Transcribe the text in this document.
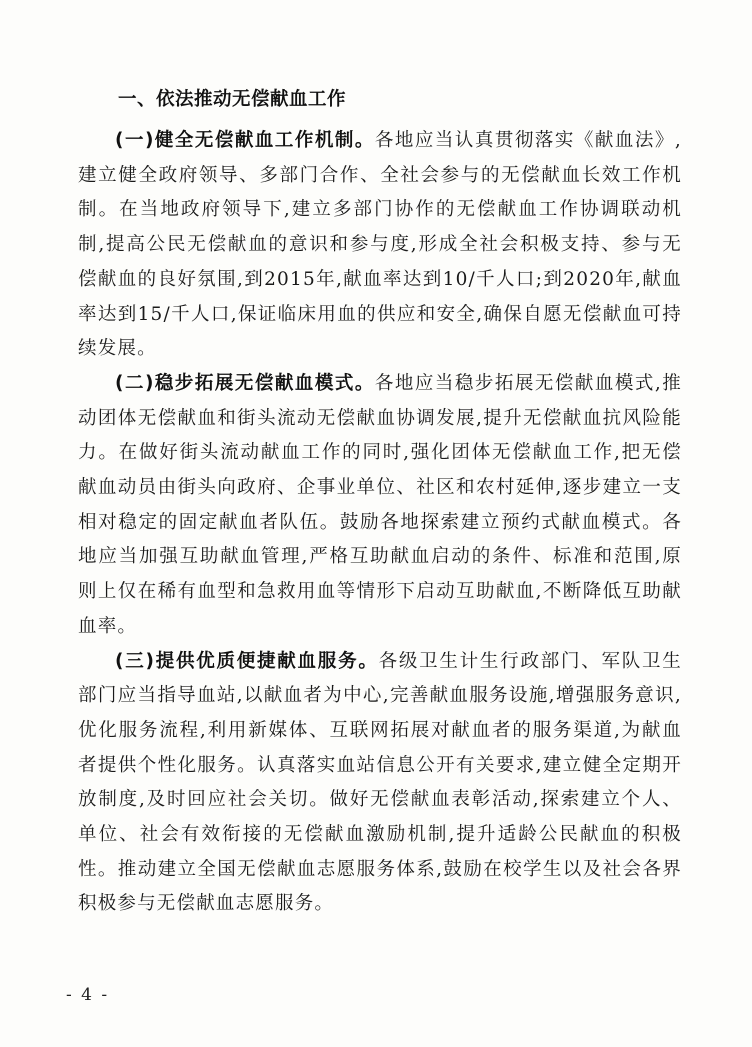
一、依法推动无偿献血工作

(一)健全无偿献血工作机制。各地应当认真贯彻落实《献血法》,建立健全政府领导、多部门合作、全社会参与的无偿献血长效工作机制。在当地政府领导下,建立多部门协作的无偿献血工作协调联动机制,提高公民无偿献血的意识和参与度,形成全社会积极支持、参与无偿献血的良好氛围,到2015年,献血率达到10/千人口;到2020年,献血率达到15/千人口,保证临床用血的供应和安全,确保自愿无偿献血可持续发展。

(二)稳步拓展无偿献血模式。各地应当稳步拓展无偿献血模式,推动团体无偿献血和街头流动无偿献血协调发展,提升无偿献血抗风险能力。在做好街头流动献血工作的同时,强化团体无偿献血工作,把无偿献血动员由街头向政府、企事业单位、社区和农村延伸,逐步建立一支相对稳定的固定献血者队伍。鼓励各地探索建立预约式献血模式。各地应当加强互助献血管理,严格互助献血启动的条件、标准和范围,原则上仅在稀有血型和急救用血等情形下启动互助献血,不断降低互助献血率。

(三)提供优质便捷献血服务。各级卫生计生行政部门、军队卫生部门应当指导血站,以献血者为中心,完善献血服务设施,增强服务意识,优化服务流程,利用新媒体、互联网拓展对献血者的服务渠道,为献血者提供个性化服务。认真落实血站信息公开有关要求,建立健全定期开放制度,及时回应社会关切。做好无偿献血表彰活动,探索建立个人、单位、社会有效衔接的无偿献血激励机制,提升适龄公民献血的积极性。推动建立全国无偿献血志愿服务体系,鼓励在校学生以及社会各界积极参与无偿献血志愿服务。

- 4 -
